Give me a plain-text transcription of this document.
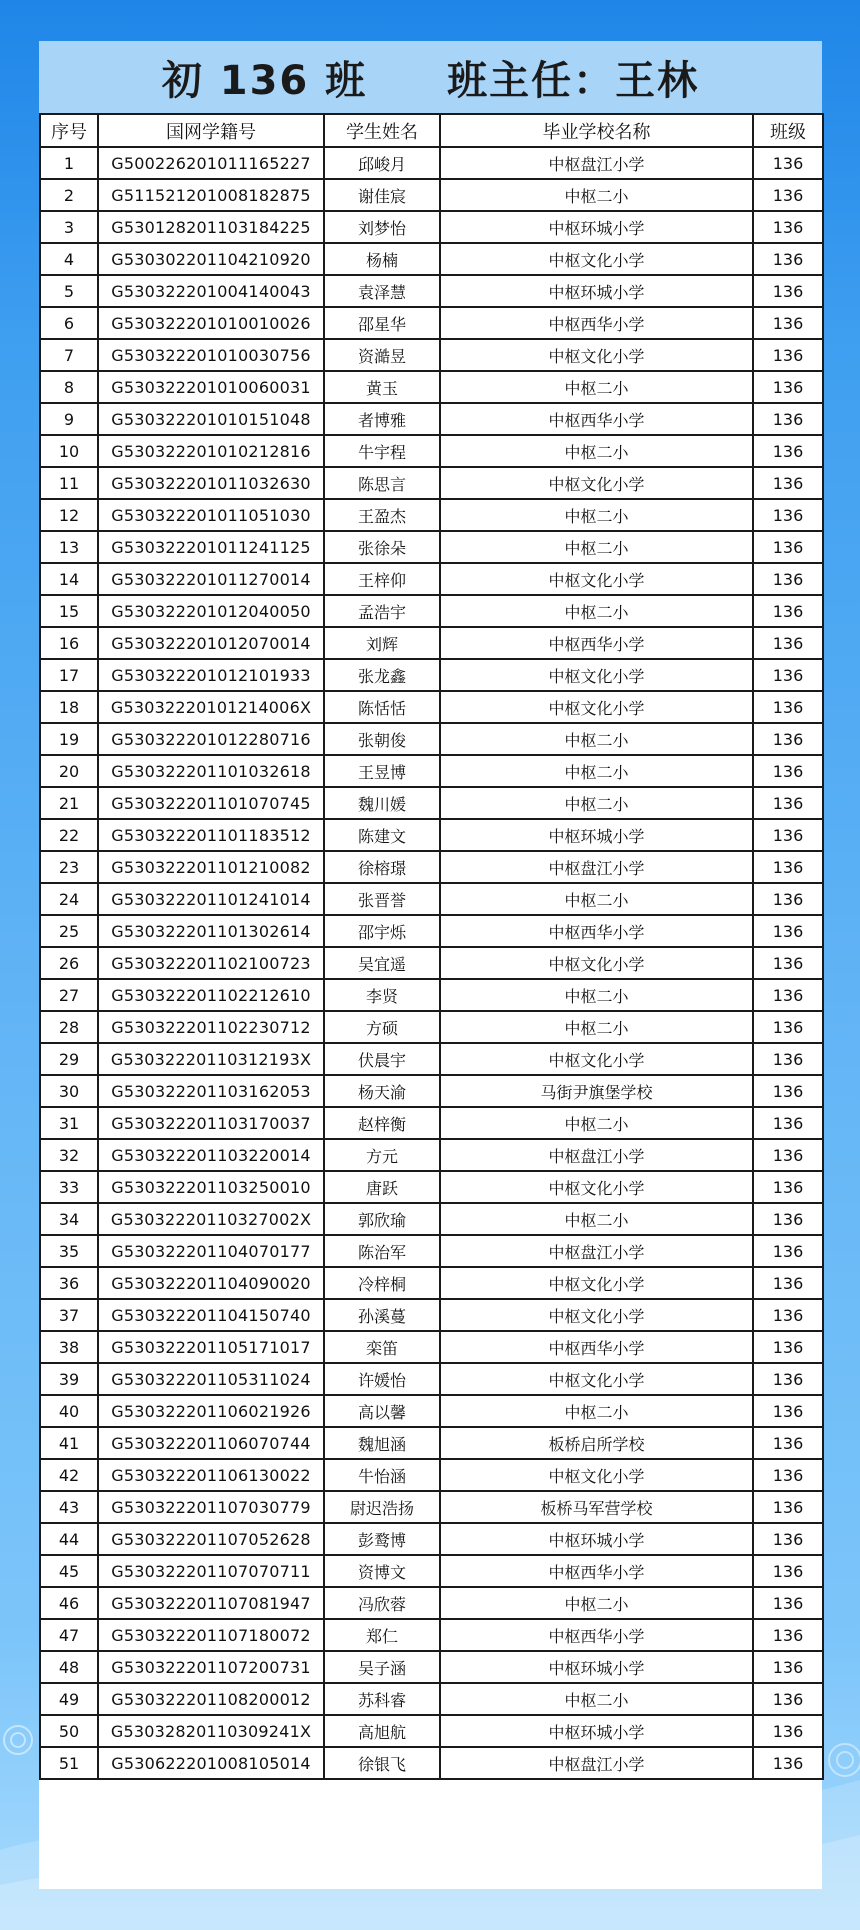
初 136 班 班主任：王林
序号	国网学籍号	学生姓名	毕业学校名称	班级
1	G500226201011165227	邱峻月	中枢盘江小学	136
2	G511521201008182875	谢佳宸	中枢二小	136
3	G530128201103184225	刘梦怡	中枢环城小学	136
4	G530302201104210920	杨楠	中枢文化小学	136
5	G530322201004140043	袁泽慧	中枢环城小学	136
6	G530322201010010026	邵星华	中枢西华小学	136
7	G530322201010030756	资澔昱	中枢文化小学	136
8	G530322201010060031	黄玉	中枢二小	136
9	G530322201010151048	者博雅	中枢西华小学	136
10	G530322201010212816	牛宇程	中枢二小	136
11	G530322201011032630	陈思言	中枢文化小学	136
12	G530322201011051030	王盈杰	中枢二小	136
13	G530322201011241125	张徐朵	中枢二小	136
14	G530322201011270014	王梓仰	中枢文化小学	136
15	G530322201012040050	孟浩宇	中枢二小	136
16	G530322201012070014	刘辉	中枢西华小学	136
17	G530322201012101933	张龙鑫	中枢文化小学	136
18	G53032220101214006X	陈恬恬	中枢文化小学	136
19	G530322201012280716	张朝俊	中枢二小	136
20	G530322201101032618	王昱博	中枢二小	136
21	G530322201101070745	魏川媛	中枢二小	136
22	G530322201101183512	陈建文	中枢环城小学	136
23	G530322201101210082	徐榕璟	中枢盘江小学	136
24	G530322201101241014	张晋誉	中枢二小	136
25	G530322201101302614	邵宇烁	中枢西华小学	136
26	G530322201102100723	吴宜遥	中枢文化小学	136
27	G530322201102212610	李贤	中枢二小	136
28	G530322201102230712	方硕	中枢二小	136
29	G53032220110312193X	伏晨宇	中枢文化小学	136
30	G530322201103162053	杨天渝	马街尹旗堡学校	136
31	G530322201103170037	赵梓衡	中枢二小	136
32	G530322201103220014	方元	中枢盘江小学	136
33	G530322201103250010	唐跃	中枢文化小学	136
34	G53032220110327002X	郭欣瑜	中枢二小	136
35	G530322201104070177	陈治军	中枢盘江小学	136
36	G530322201104090020	冷梓桐	中枢文化小学	136
37	G530322201104150740	孙溪蔓	中枢文化小学	136
38	G530322201105171017	栾笛	中枢西华小学	136
39	G530322201105311024	许媛怡	中枢文化小学	136
40	G530322201106021926	高以馨	中枢二小	136
41	G530322201106070744	魏旭涵	板桥启所学校	136
42	G530322201106130022	牛怡涵	中枢文化小学	136
43	G530322201107030779	尉迟浩扬	板桥马军营学校	136
44	G530322201107052628	彭鹜博	中枢环城小学	136
45	G530322201107070711	资博文	中枢西华小学	136
46	G530322201107081947	冯欣蓉	中枢二小	136
47	G530322201107180072	郑仁	中枢西华小学	136
48	G530322201107200731	吴子涵	中枢环城小学	136
49	G530322201108200012	苏科睿	中枢二小	136
50	G53032820110309241X	高旭航	中枢环城小学	136
51	G530622201008105014	徐银飞	中枢盘江小学	136
